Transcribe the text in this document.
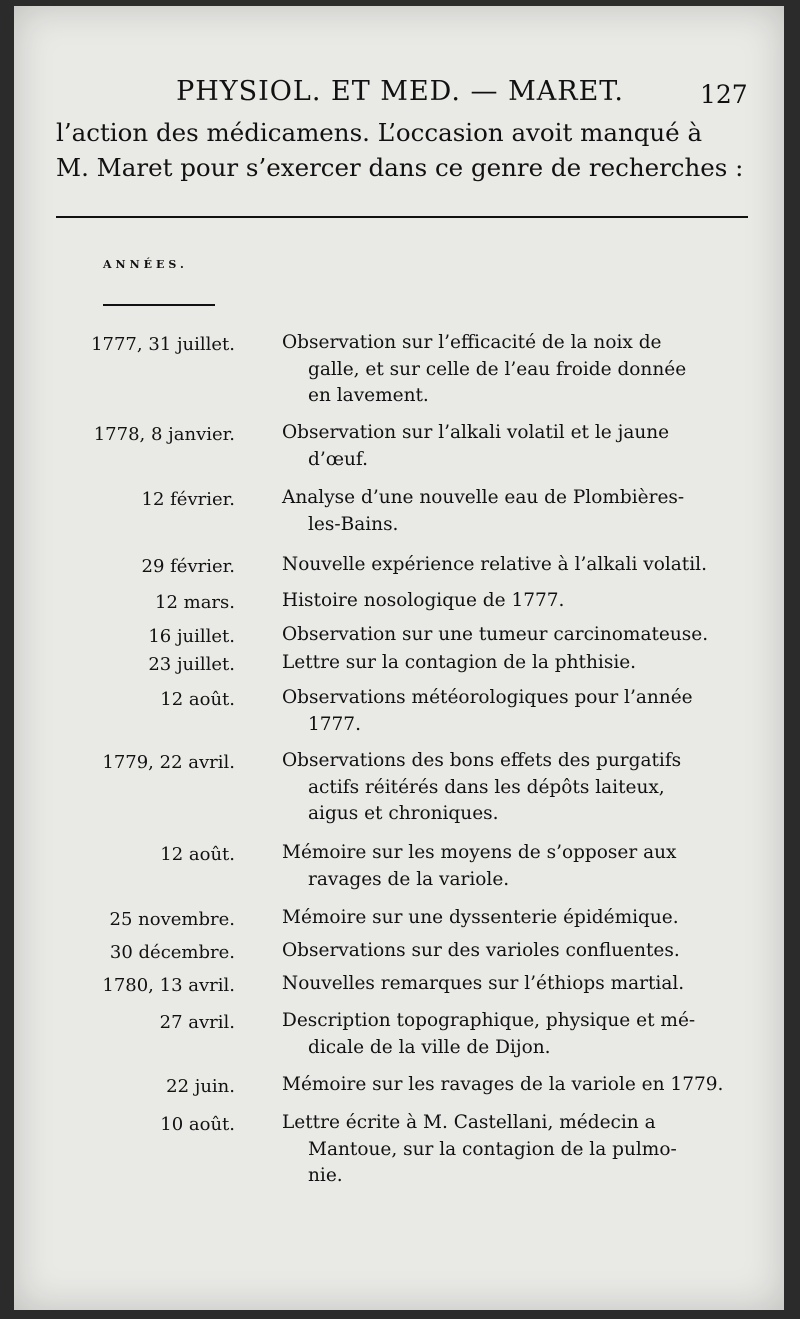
PHYSIOL. ET MED. — MARET.	127
l’action des médicamens. L’occasion avoit manqué à
M. Maret pour s’exercer dans ce genre de recherches :
ANNÉES.
1777, 31 juillet.	Observation sur l’efficacité de la noix de
galle, et sur celle de l’eau froide donnée
en lavement.
1778, 8 janvier.	Observation sur l’alkali volatil et le jaune
d’œuf.
12 février.	Analyse d’une nouvelle eau de Plombières-
les-Bains.
29 février.	Nouvelle expérience relative à l’alkali volatil.
12 mars.	Histoire nosologique de 1777.
16 juillet.	Observation sur une tumeur carcinomateuse.
23 juillet.	Lettre sur la contagion de la phthisie.
12 août.	Observations météorologiques pour l’année
1777.
1779, 22 avril.	Observations des bons effets des purgatifs
actifs réitérés dans les dépôts laiteux,
aigus et chroniques.
12 août.	Mémoire sur les moyens de s’opposer aux
ravages de la variole.
25 novembre.	Mémoire sur une dyssenterie épidémique.
30 décembre.	Observations sur des varioles confluentes.
1780, 13 avril.	Nouvelles remarques sur l’éthiops martial.
27 avril.	Description topographique, physique et mé-
dicale de la ville de Dijon.
22 juin.	Mémoire sur les ravages de la variole en 1779.
10 août.	Lettre écrite à M. Castellani, médecin a
Mantoue, sur la contagion de la pulmo-
nie.
